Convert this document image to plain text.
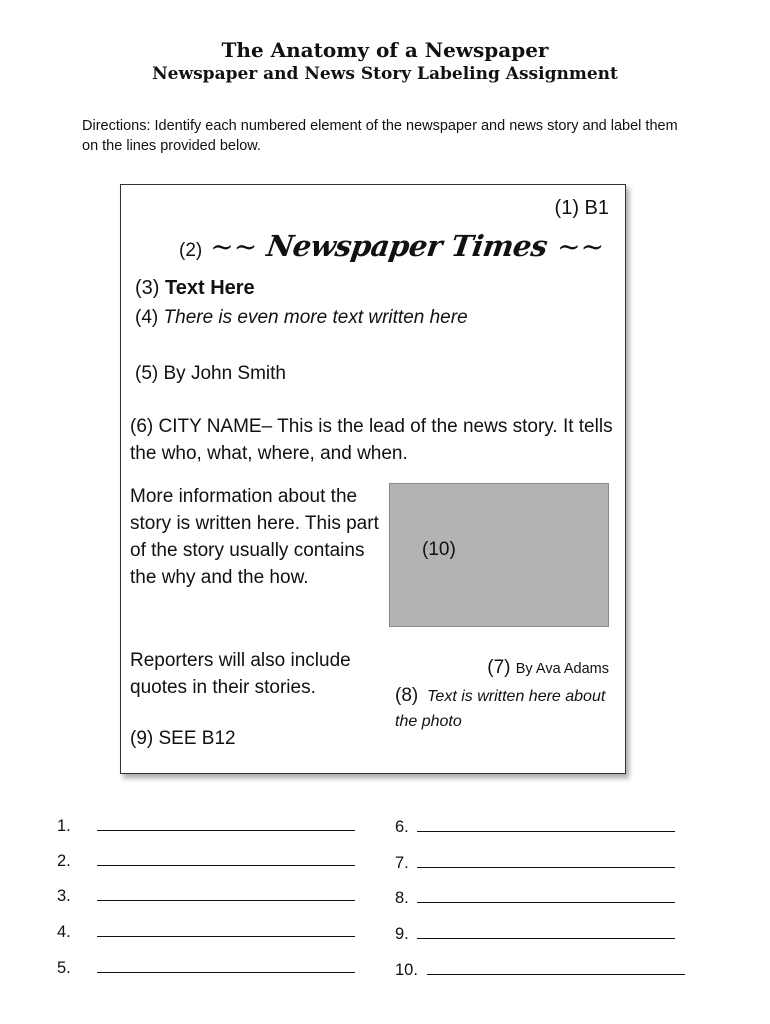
The Anatomy of a Newspaper
Newspaper and News Story Labeling Assignment
Directions: Identify each numbered element of the newspaper and news story and label them on the lines provided below.
(1) B1
(2) ~~ Newspaper Times ~~
(3) Text Here
(4) There is even more text written here
(5) By John Smith
(6) CITY NAME– This is the lead of the news story. It tells the who, what, where, and when.
More information about the story is written here. This part of the story usually contains the why and the how.
Reporters will also include quotes in their stories.
(9) SEE B12
(10)
(7) By Ava Adams
(8) Text is written here about the photo
1.
2.
3.
4.
5.
6.
7.
8.
9.
10.
